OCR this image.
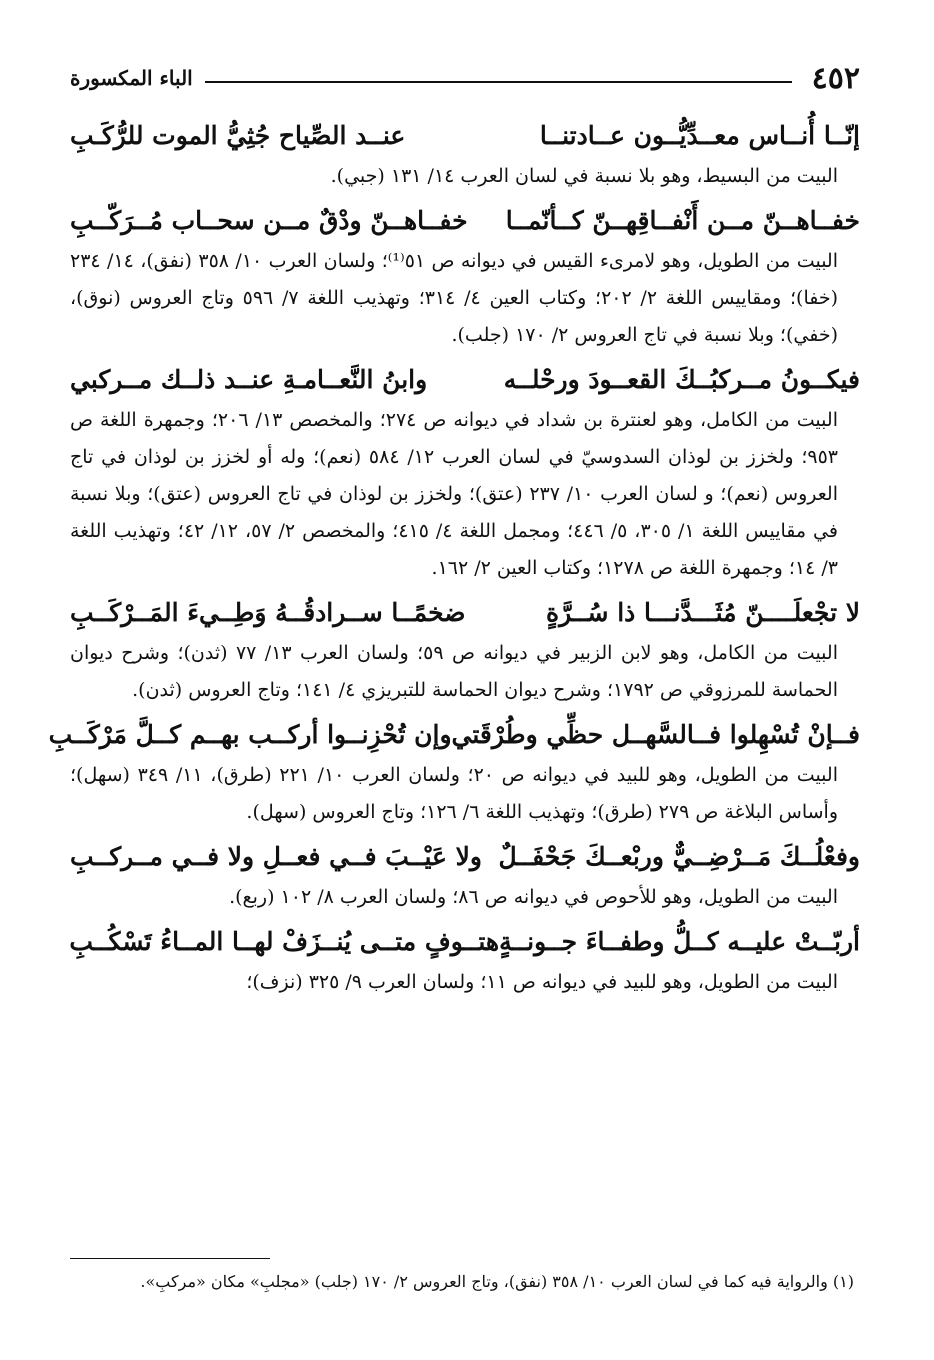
٤٥٢
الباء المكسورة
إنّــا أُنــاس معــدِّيُّــون عــادتنــا
عنــد الصِّياح جُثِيُّ الموت للرُّكَـبِ

البيت من البسيط، وهو بلا نسبة في لسان العرب ١٤/ ١٣١ (جبي).

خفــاهــنّ مــن أَنْفــاقِهــنّ كــأنّمــا
خفــاهــنّ ودْقٌ مــن سحــاب مُــرَكّــبِ

البيت من الطويل، وهو لامرىء القيس في ديوانه ص ٥١⁽¹⁾؛ ولسان العرب ١٠/ ٣٥٨ (نفق)، ١٤/ ٢٣٤ (خفا)؛ ومقاييس اللغة ٢/ ٢٠٢؛ وكتاب العين ٤/ ٣١٤؛ وتهذيب اللغة ٧/ ٥٩٦ وتاج العروس (نوق)، (خفي)؛ وبلا نسبة في تاج العروس ٢/ ١٧٠ (جلب).

فيكــونُ مــركبُــكَ القعــودَ ورحْلــه
وابنُ النَّعــامـةِ عنــد ذلــك مــركبي

البيت من الكامل، وهو لعنترة بن شداد في ديوانه ص ٢٧٤؛ والمخصص ١٣/ ٢٠٦؛ وجمهرة اللغة ص ٩٥٣؛ ولخزز بن لوذان السدوسيّ في لسان العرب ١٢/ ٥٨٤ (نعم)؛ وله أو لخزز بن لوذان في تاج العروس (نعم)؛ و لسان العرب ١٠/ ٢٣٧ (عتق)؛ ولخزز بن لوذان في تاج العروس (عتق)؛ وبلا نسبة في مقاييس اللغة ١/ ٣٠٥، ٥/ ٤٤٦؛ ومجمل اللغة ٤/ ٤١٥؛ والمخصص ٢/ ٥٧، ١٢/ ٤٢؛ وتهذيب اللغة ٣/ ١٤؛ وجمهرة اللغة ص ١٢٧٨؛ وكتاب العين ٢/ ١٦٢.

لا تجْعلَــــنّ مُثَـــدَّنـــا ذا سُــرَّةٍ
ضخمًــا ســرادقُــهُ وَطِــيءَ المَــرْكَــبِ

البيت من الكامل، وهو لابن الزبير في ديوانه ص ٥٩؛ ولسان العرب ١٣/ ٧٧ (ثدن)؛ وشرح ديوان الحماسة للمرزوقي ص ١٧٩٢؛ وشرح ديوان الحماسة للتبريزي ٤/ ١٤١؛ وتاج العروس (ثدن).

فــإنْ تُسْهِلوا فــالسَّهــل حظِّي وطُرْقَتي
وإن تُحْزِنــوا أركــب بهــم كــلَّ مَرْكَــبِ

البيت من الطويل، وهو للبيد في ديوانه ص ٢٠؛ ولسان العرب ١٠/ ٢٢١ (طرق)، ١١/ ٣٤٩ (سهل)؛ وأساس البلاغة ص ٢٧٩ (طرق)؛ وتهذيب اللغة ٦/ ١٢٦؛ وتاج العروس (سهل).

وفعْلُــكَ مَــرْضِــيٌّ وربْعــكَ جَحْفَــلٌ
ولا عَيْــبَ فــي فعــلِ ولا فــي مــركــبِ

البيت من الطويل، وهو للأحوص في ديوانه ص ٨٦؛ ولسان العرب ٨/ ١٠٢ (ربع).

أربّــتْ عليــه كــلُّ وطفــاءَ جــونــةٍ
هتــوفٍ متــى يُنــزَفْ لهــا المــاءُ تَسْكُــبِ

البيت من الطويل، وهو للبيد في ديوانه ص ١١؛ ولسان العرب ٩/ ٣٢٥ (نزف)؛

(١) والرواية فيه كما في لسان العرب ١٠/ ٣٥٨ (نفق)، وتاج العروس ٢/ ١٧٠ (جلب) «مجلبِ» مكان «مركبِ».
